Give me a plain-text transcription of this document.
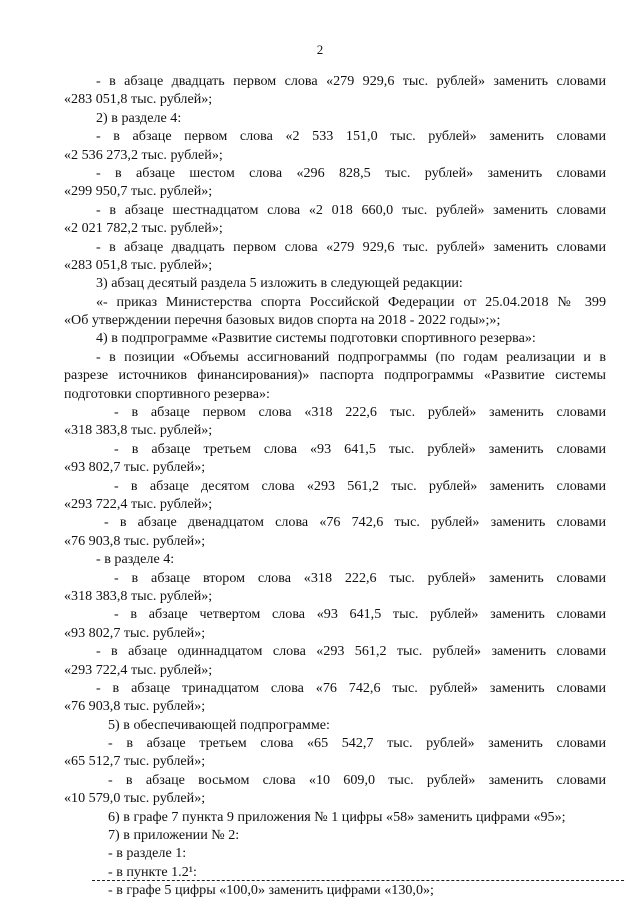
2
- в абзаце двадцать первом слова «279 929,6 тыс. рублей» заменить словами
«283 051,8 тыс. рублей»;
2) в разделе 4:
- в абзаце первом слова «2 533 151,0 тыс. рублей» заменить словами
«2 536 273,2 тыс. рублей»;
- в абзаце шестом слова «296 828,5 тыс. рублей» заменить словами
«299 950,7 тыс. рублей»;
- в абзаце шестнадцатом слова «2 018 660,0 тыс. рублей» заменить словами
«2 021 782,2 тыс. рублей»;
- в абзаце двадцать первом слова «279 929,6 тыс. рублей» заменить словами
«283 051,8 тыс. рублей»;
3) абзац десятый раздела 5 изложить в следующей редакции:
«- приказ Министерства спорта Российской Федерации от 25.04.2018 № 399
«Об утверждении перечня базовых видов спорта на 2018 - 2022 годы»;»;
4) в подпрограмме «Развитие системы подготовки спортивного резерва»:
- в позиции «Объемы ассигнований подпрограммы (по годам реализации и в
разрезе источников финансирования)» паспорта подпрограммы «Развитие системы
подготовки спортивного резерва»:
- в абзаце первом слова «318 222,6 тыс. рублей» заменить словами
«318 383,8 тыс. рублей»;
- в абзаце третьем слова «93 641,5 тыс. рублей» заменить словами
«93 802,7 тыс. рублей»;
- в абзаце десятом слова «293 561,2 тыс. рублей» заменить словами
«293 722,4 тыс. рублей»;
- в абзаце двенадцатом слова «76 742,6 тыс. рублей» заменить словами
«76 903,8 тыс. рублей»;
- в разделе 4:
- в абзаце втором слова «318 222,6 тыс. рублей» заменить словами
«318 383,8 тыс. рублей»;
- в абзаце четвертом слова «93 641,5 тыс. рублей» заменить словами
«93 802,7 тыс. рублей»;
- в абзаце одиннадцатом слова «293 561,2 тыс. рублей» заменить словами
«293 722,4 тыс. рублей»;
- в абзаце тринадцатом слова «76 742,6 тыс. рублей» заменить словами
«76 903,8 тыс. рублей»;
5) в обеспечивающей подпрограмме:
- в абзаце третьем слова «65 542,7 тыс. рублей» заменить словами
«65 512,7 тыс. рублей»;
- в абзаце восьмом слова «10 609,0 тыс. рублей» заменить словами
«10 579,0 тыс. рублей»;
6) в графе 7 пункта 9 приложения № 1 цифры «58» заменить цифрами «95»;
7) в приложении № 2:
- в разделе 1:
- в пункте 1.2¹:
- в графе 5 цифры «100,0» заменить цифрами «130,0»;
